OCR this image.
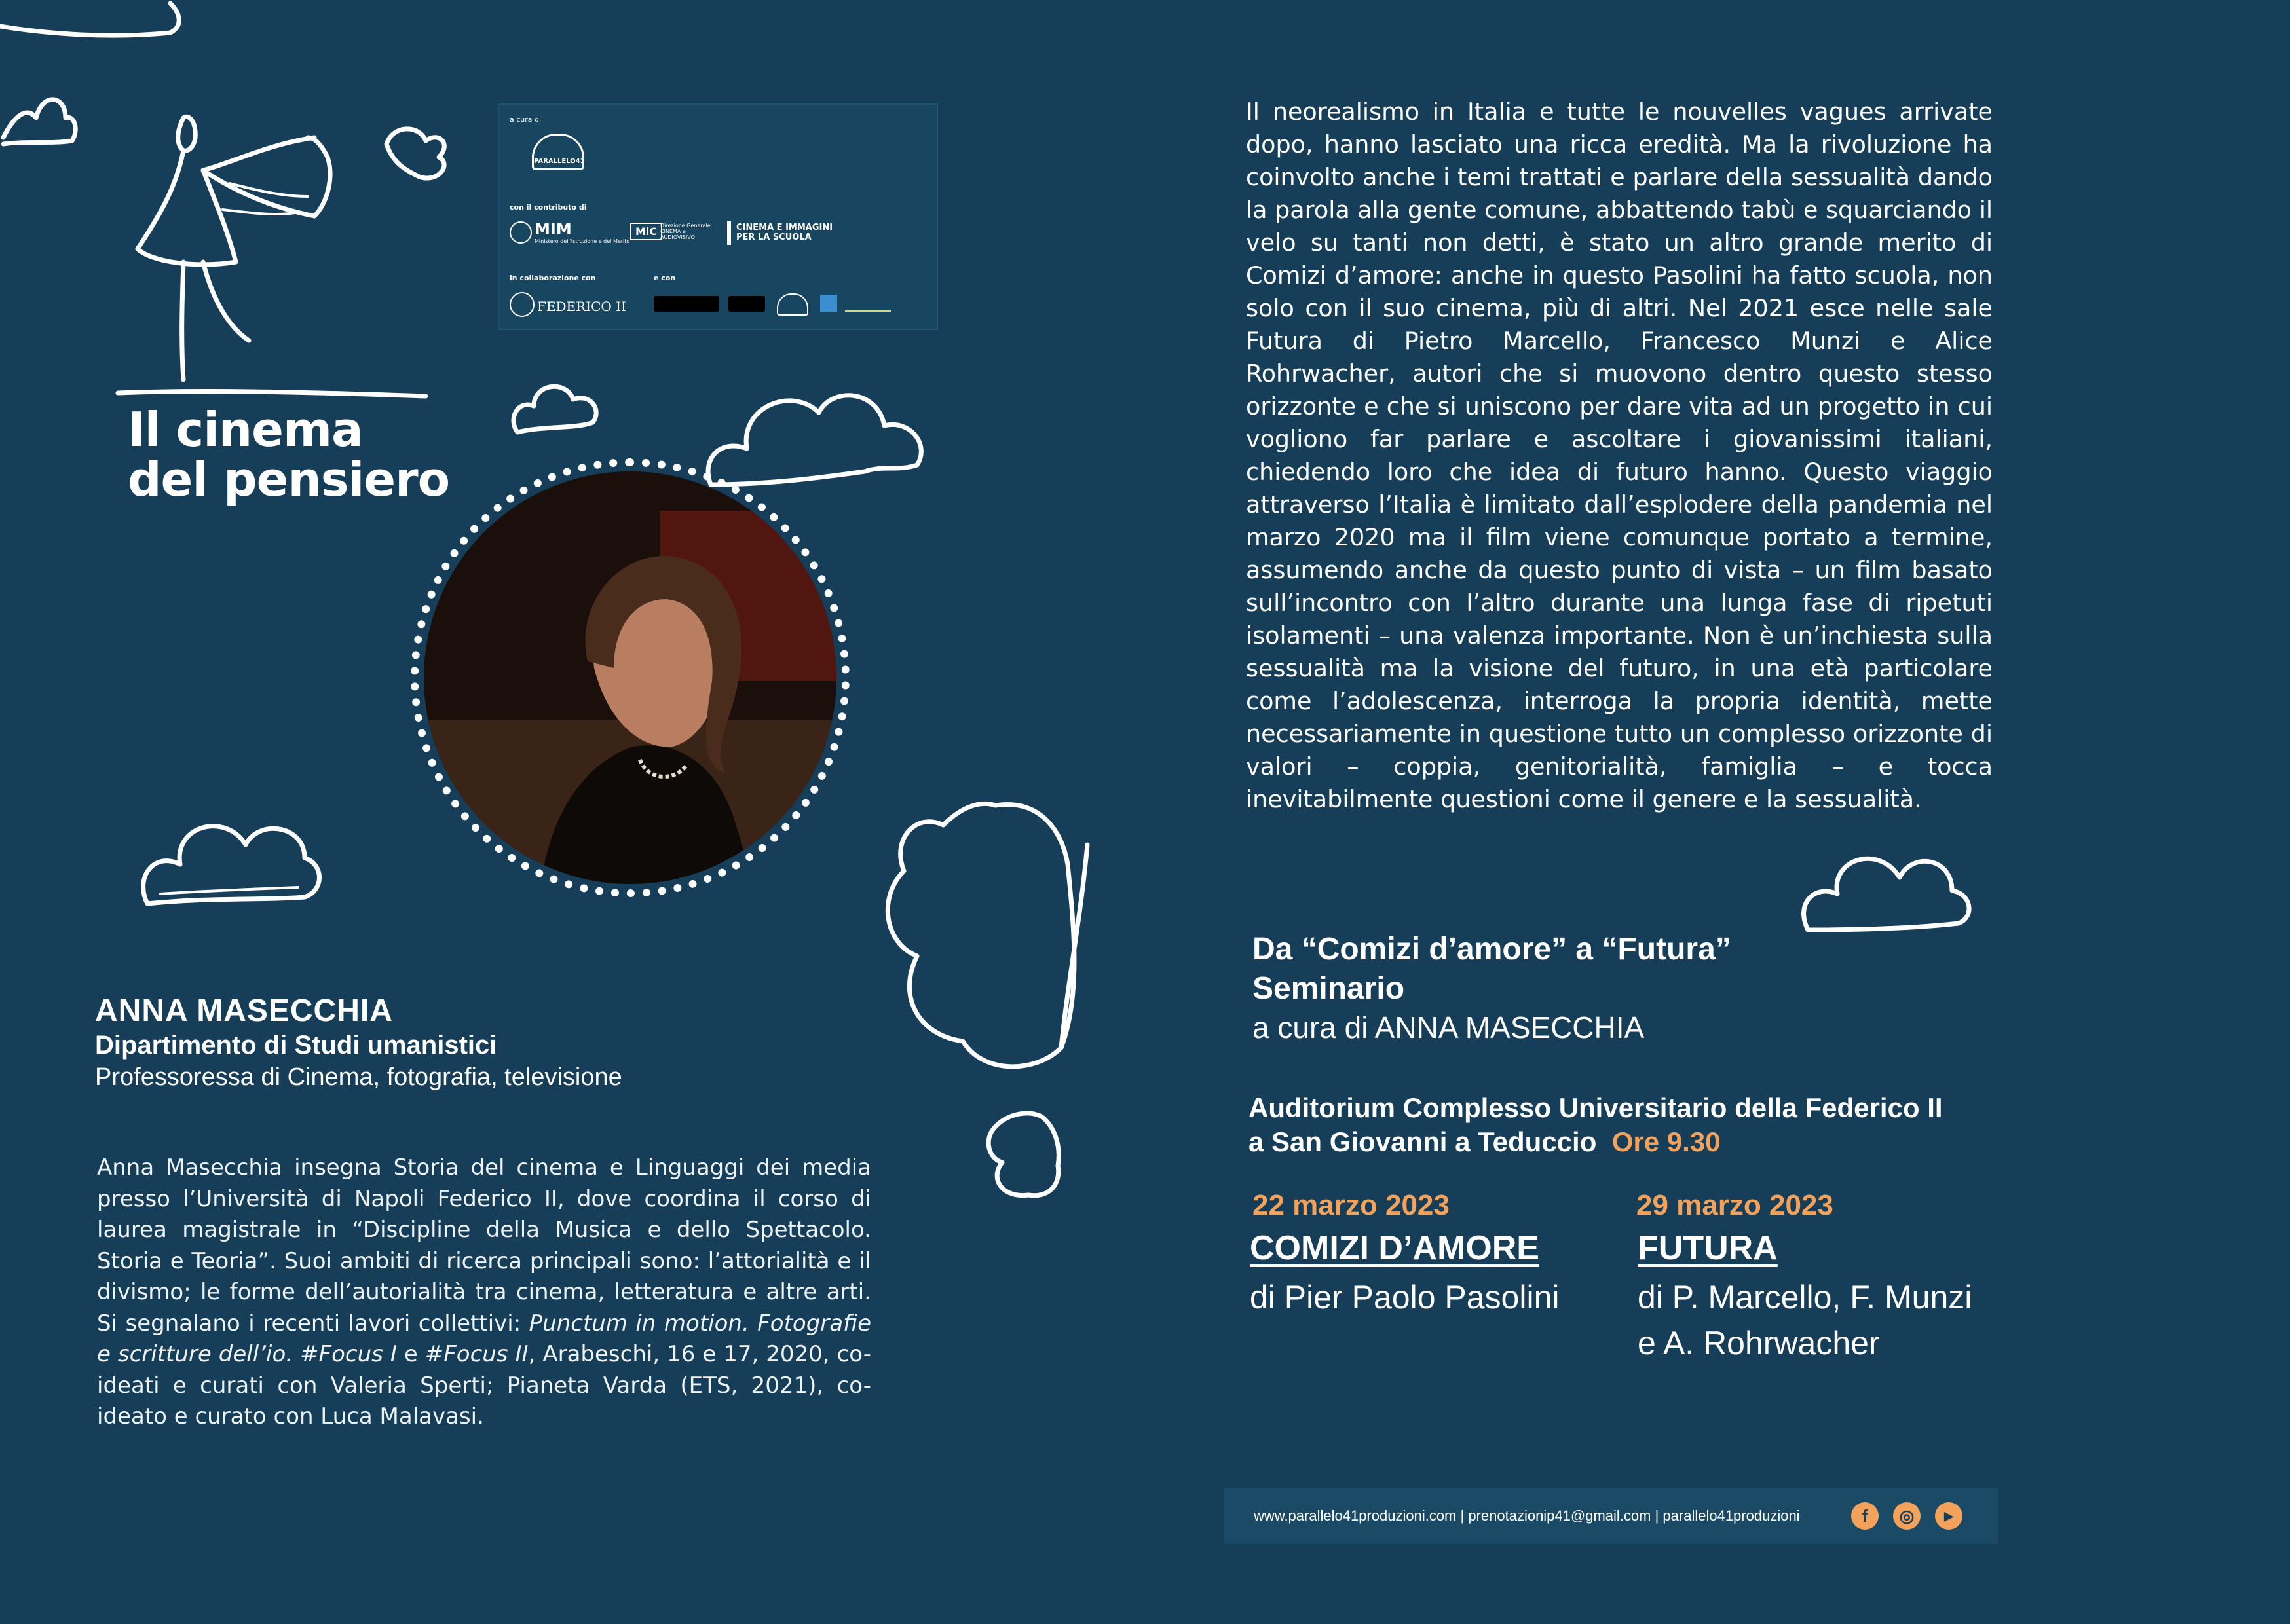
Il cinema
del pensiero
a cura di
PARALLELO41
con il contributo di
MIM
Ministero dell'Istruzione e del Merito
MiC Direzione Generale CINEMA e AUDIOVISIVO
CINEMA E IMMAGINI PER LA SCUOLA
in collaborazione con
FEDERICO II
e con
ANNA MASECCHIA
Dipartimento di Studi umanistici
Professoressa di Cinema, fotografia, televisione
Anna Masecchia insegna Storia del cinema e Linguaggi dei media presso l’Università di Napoli Federico II, dove coordina il corso di laurea magistrale in “Discipline della Musica e dello Spettacolo. Storia e Teoria”. Suoi ambiti di ricerca principali sono: l’attorialità e il divismo; le forme dell’autorialità tra cinema, letteratura e altre arti. Si segnalano i recenti lavori collettivi: Punctum in motion. Fotografie e scritture dell’io. #Focus I e #Focus II, Arabeschi, 16 e 17, 2020, co-ideati e curati con Valeria Sperti; Pianeta Varda (ETS, 2021), co-ideato e curato con Luca Malavasi.
Il neorealismo in Italia e tutte le nouvelles vagues arrivate dopo, hanno lasciato una ricca eredità. Ma la rivoluzione ha coinvolto anche i temi trattati e parlare della sessualità dando la parola alla gente comune, abbattendo tabù e squarciando il velo su tanti non detti, è stato un altro grande merito di Comizi d’amore: anche in questo Pasolini ha fatto scuola, non solo con il suo cinema, più di altri. Nel 2021 esce nelle sale Futura di Pietro Marcello, Francesco Munzi e Alice Rohrwacher, autori che si muovono dentro questo stesso orizzonte e che si uniscono per dare vita ad un progetto in cui vogliono far parlare e ascoltare i giovanissimi italiani, chiedendo loro che idea di futuro hanno. Questo viaggio attraverso l’Italia è limitato dall’esplodere della pandemia nel marzo 2020 ma il film viene comunque portato a termine, assumendo anche da questo punto di vista – un film basato sull’incontro con l’altro durante una lunga fase di ripetuti isolamenti – una valenza importante. Non è un’inchiesta sulla sessualità ma la visione del futuro, in una età particolare come l’adolescenza, interroga la propria identità, mette necessariamente in questione tutto un complesso orizzonte di valori – coppia, genitorialità, famiglia – e tocca inevitabilmente questioni come il genere e la sessualità.
Da “Comizi d’amore” a “Futura”
Seminario
a cura di ANNA MASECCHIA
Auditorium Complesso Universitario della Federico II
a San Giovanni a Teduccio Ore 9.30
22 marzo 2023
COMIZI D’AMORE
di Pier Paolo Pasolini
29 marzo 2023
FUTURA
di P. Marcello, F. Munzi
e A. Rohrwacher
www.parallelo41produzioni.com | prenotazionip41@gmail.com | parallelo41produzioni	f	◎	▶
